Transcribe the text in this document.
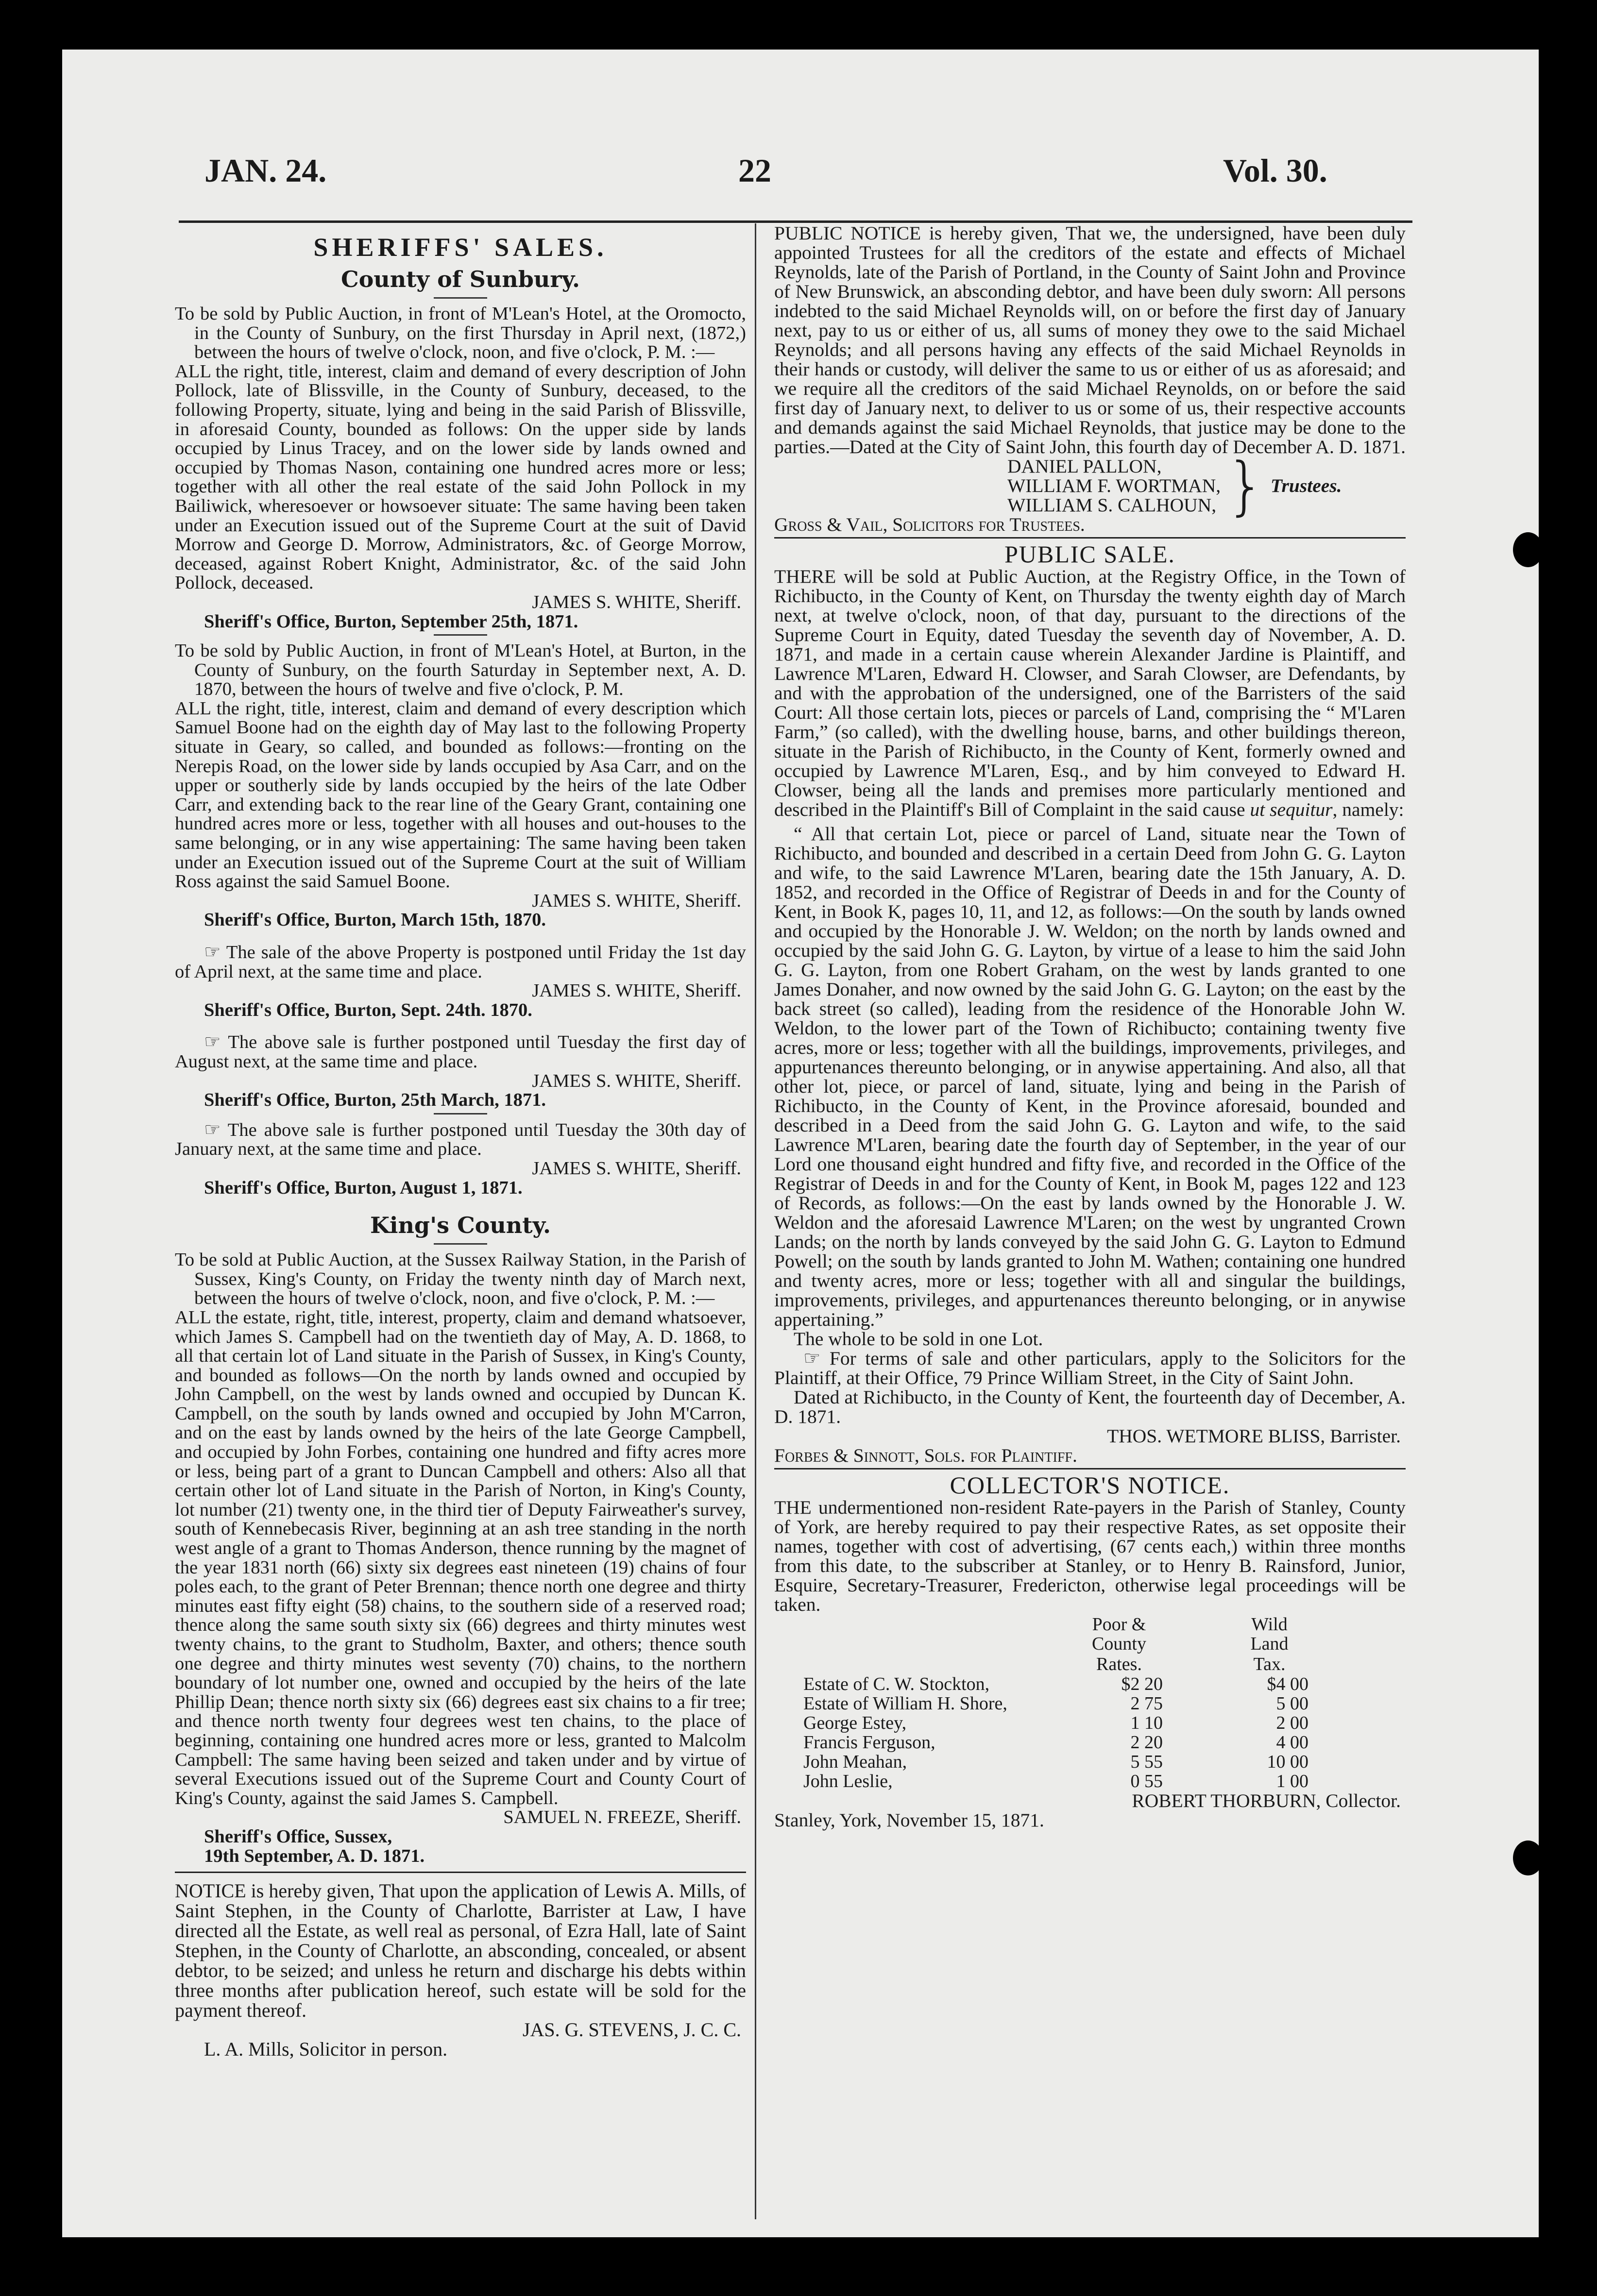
JAN. 24.	22	Vol. 30.

SHERIFFS' SALES.

County of Sunbury.

To be sold by Public Auction, in front of M'Lean's Hotel, at the Oromocto, in the County of Sunbury, on the first Thursday in April next, (1872,) between the hours of twelve o'clock, noon, and five o'clock, P. M. :—

ALL the right, title, interest, claim and demand of every description of John Pollock, late of Blissville, in the County of Sunbury, deceased, to the following Property, situate, lying and being in the said Parish of Blissville, in aforesaid County, bounded as follows: On the upper side by lands occupied by Linus Tracey, and on the lower side by lands owned and occupied by Thomas Nason, containing one hundred acres more or less; together with all other the real estate of the said John Pollock in my Bailiwick, wheresoever or howsoever situate: The same having been taken under an Execution issued out of the Supreme Court at the suit of David Morrow and George D. Morrow, Administrators, &c. of George Morrow, deceased, against Robert Knight, Administrator, &c. of the said John Pollock, deceased.

JAMES S. WHITE, Sheriff.

Sheriff's Office, Burton, September 25th, 1871.

To be sold by Public Auction, in front of M'Lean's Hotel, at Burton, in the County of Sunbury, on the fourth Saturday in September next, A. D. 1870, between the hours of twelve and five o'clock, P. M.

ALL the right, title, interest, claim and demand of every description which Samuel Boone had on the eighth day of May last to the following Property situate in Geary, so called, and bounded as follows:—fronting on the Nerepis Road, on the lower side by lands occupied by Asa Carr, and on the upper or southerly side by lands occupied by the heirs of the late Odber Carr, and extending back to the rear line of the Geary Grant, containing one hundred acres more or less, together with all houses and out-houses to the same belonging, or in any wise appertaining: The same having been taken under an Execution issued out of the Supreme Court at the suit of William Ross against the said Samuel Boone.

JAMES S. WHITE, Sheriff.

Sheriff's Office, Burton, March 15th, 1870.

☞ The sale of the above Property is postponed until Friday the 1st day of April next, at the same time and place.

JAMES S. WHITE, Sheriff.

Sheriff's Office, Burton, Sept. 24th. 1870.

☞ The above sale is further postponed until Tuesday the first day of August next, at the same time and place.

JAMES S. WHITE, Sheriff.

Sheriff's Office, Burton, 25th March, 1871.

☞ The above sale is further postponed until Tuesday the 30th day of January next, at the same time and place.

JAMES S. WHITE, Sheriff.

Sheriff's Office, Burton, August 1, 1871.

King's County.

To be sold at Public Auction, at the Sussex Railway Station, in the Parish of Sussex, King's County, on Friday the twenty ninth day of March next, between the hours of twelve o'clock, noon, and five o'clock, P. M. :—

ALL the estate, right, title, interest, property, claim and demand whatsoever, which James S. Campbell had on the twentieth day of May, A. D. 1868, to all that certain lot of Land situate in the Parish of Sussex, in King's County, and bounded as follows—On the north by lands owned and occupied by John Campbell, on the west by lands owned and occupied by Duncan K. Campbell, on the south by lands owned and occupied by John M'Carron, and on the east by lands owned by the heirs of the late George Campbell, and occupied by John Forbes, containing one hundred and fifty acres more or less, being part of a grant to Duncan Campbell and others: Also all that certain other lot of Land situate in the Parish of Norton, in King's County, lot number (21) twenty one, in the third tier of Deputy Fairweather's survey, south of Kennebecasis River, beginning at an ash tree standing in the north west angle of a grant to Thomas Anderson, thence running by the magnet of the year 1831 north (66) sixty six degrees east nineteen (19) chains of four poles each, to the grant of Peter Brennan; thence north one degree and thirty minutes east fifty eight (58) chains, to the southern side of a reserved road; thence along the same south sixty six (66) degrees and thirty minutes west twenty chains, to the grant to Studholm, Baxter, and others; thence south one degree and thirty minutes west seventy (70) chains, to the northern boundary of lot number one, owned and occupied by the heirs of the late Phillip Dean; thence north sixty six (66) degrees east six chains to a fir tree; and thence north twenty four degrees west ten chains, to the place of beginning, containing one hundred acres more or less, granted to Malcolm Campbell: The same having been seized and taken under and by virtue of several Executions issued out of the Supreme Court and County Court of King's County, against the said James S. Campbell.

SAMUEL N. FREEZE, Sheriff.

Sheriff's Office, Sussex,

19th September, A. D. 1871.

NOTICE is hereby given, That upon the application of Lewis A. Mills, of Saint Stephen, in the County of Charlotte, Barrister at Law, I have directed all the Estate, as well real as personal, of Ezra Hall, late of Saint Stephen, in the County of Charlotte, an absconding, concealed, or absent debtor, to be seized; and unless he return and discharge his debts within three months after publication hereof, such estate will be sold for the payment thereof.

JAS. G. STEVENS, J. C. C.

L. A. Mills, Solicitor in person.

PUBLIC NOTICE is hereby given, That we, the undersigned, have been duly appointed Trustees for all the creditors of the estate and effects of Michael Reynolds, late of the Parish of Portland, in the County of Saint John and Province of New Brunswick, an absconding debtor, and have been duly sworn: All persons indebted to the said Michael Reynolds will, on or before the first day of January next, pay to us or either of us, all sums of money they owe to the said Michael Reynolds; and all persons having any effects of the said Michael Reynolds in their hands or custody, will deliver the same to us or either of us as aforesaid; and we require all the creditors of the said Michael Reynolds, on or before the said first day of January next, to deliver to us or some of us, their respective accounts and demands against the said Michael Reynolds, that justice may be done to the parties.—Dated at the City of Saint John, this fourth day of December A. D. 1871.

DANIEL PALLON,
WILLIAM F. WORTMAN,
WILLIAM S. CALHOUN, } Trustees.

Gross & Vail, Solicitors for Trustees.

PUBLIC SALE.

THERE will be sold at Public Auction, at the Registry Office, in the Town of Richibucto, in the County of Kent, on Thursday the twenty eighth day of March next, at twelve o'clock, noon, of that day, pursuant to the directions of the Supreme Court in Equity, dated Tuesday the seventh day of November, A. D. 1871, and made in a certain cause wherein Alexander Jardine is Plaintiff, and Lawrence M'Laren, Edward H. Clowser, and Sarah Clowser, are Defendants, by and with the approbation of the undersigned, one of the Barristers of the said Court: All those certain lots, pieces or parcels of Land, comprising the “ M'Laren Farm,” (so called), with the dwelling house, barns, and other buildings thereon, situate in the Parish of Richibucto, in the County of Kent, formerly owned and occupied by Lawrence M'Laren, Esq., and by him conveyed to Edward H. Clowser, being all the lands and premises more particularly mentioned and described in the Plaintiff's Bill of Complaint in the said cause ut sequitur, namely:

“ All that certain Lot, piece or parcel of Land, situate near the Town of Richibucto, and bounded and described in a certain Deed from John G. G. Layton and wife, to the said Lawrence M'Laren, bearing date the 15th January, A. D. 1852, and recorded in the Office of Registrar of Deeds in and for the County of Kent, in Book K, pages 10, 11, and 12, as follows:—On the south by lands owned and occupied by the Honorable J. W. Weldon; on the north by lands owned and occupied by the said John G. G. Layton, by virtue of a lease to him the said John G. G. Layton, from one Robert Graham, on the west by lands granted to one James Donaher, and now owned by the said John G. G. Layton; on the east by the back street (so called), leading from the residence of the Honorable John W. Weldon, to the lower part of the Town of Richibucto; containing twenty five acres, more or less; together with all the buildings, improvements, privileges, and appurtenances thereunto belonging, or in anywise appertaining. And also, all that other lot, piece, or parcel of land, situate, lying and being in the Parish of Richibucto, in the County of Kent, in the Province aforesaid, bounded and described in a Deed from the said John G. G. Layton and wife, to the said Lawrence M'Laren, bearing date the fourth day of September, in the year of our Lord one thousand eight hundred and fifty five, and recorded in the Office of the Registrar of Deeds in and for the County of Kent, in Book M, pages 122 and 123 of Records, as follows:—On the east by lands owned by the Honorable J. W. Weldon and the aforesaid Lawrence M'Laren; on the west by ungranted Crown Lands; on the north by lands conveyed by the said John G. G. Layton to Edmund Powell; on the south by lands granted to John M. Wathen; containing one hundred and twenty acres, more or less; together with all and singular the buildings, improvements, privileges, and appurtenances thereunto belonging, or in anywise appertaining.”

The whole to be sold in one Lot.

☞ For terms of sale and other particulars, apply to the Solicitors for the Plaintiff, at their Office, 79 Prince William Street, in the City of Saint John.

Dated at Richibucto, in the County of Kent, the fourteenth day of December, A. D. 1871.

THOS. WETMORE BLISS, Barrister.

Forbes & Sinnott, Sols. for Plaintiff.

COLLECTOR'S NOTICE.

THE undermentioned non-resident Rate-payers in the Parish of Stanley, County of York, are hereby required to pay their respective Rates, as set opposite their names, together with cost of advertising, (67 cents each,) within three months from this date, to the subscriber at Stanley, or to Henry B. Rainsford, Junior, Esquire, Secretary-Treasurer, Fredericton, otherwise legal proceedings will be taken.

	Poor & County	Wild Land
	Rates.	Tax.
Estate of C. W. Stockton,	$2 20	$4 00
Estate of William H. Shore,	2 75	5 00
George Estey,	1 10	2 00
Francis Ferguson,	2 20	4 00
John Meahan,	5 55	10 00
John Leslie,	0 55	1 00

ROBERT THORBURN, Collector.

Stanley, York, November 15, 1871.
